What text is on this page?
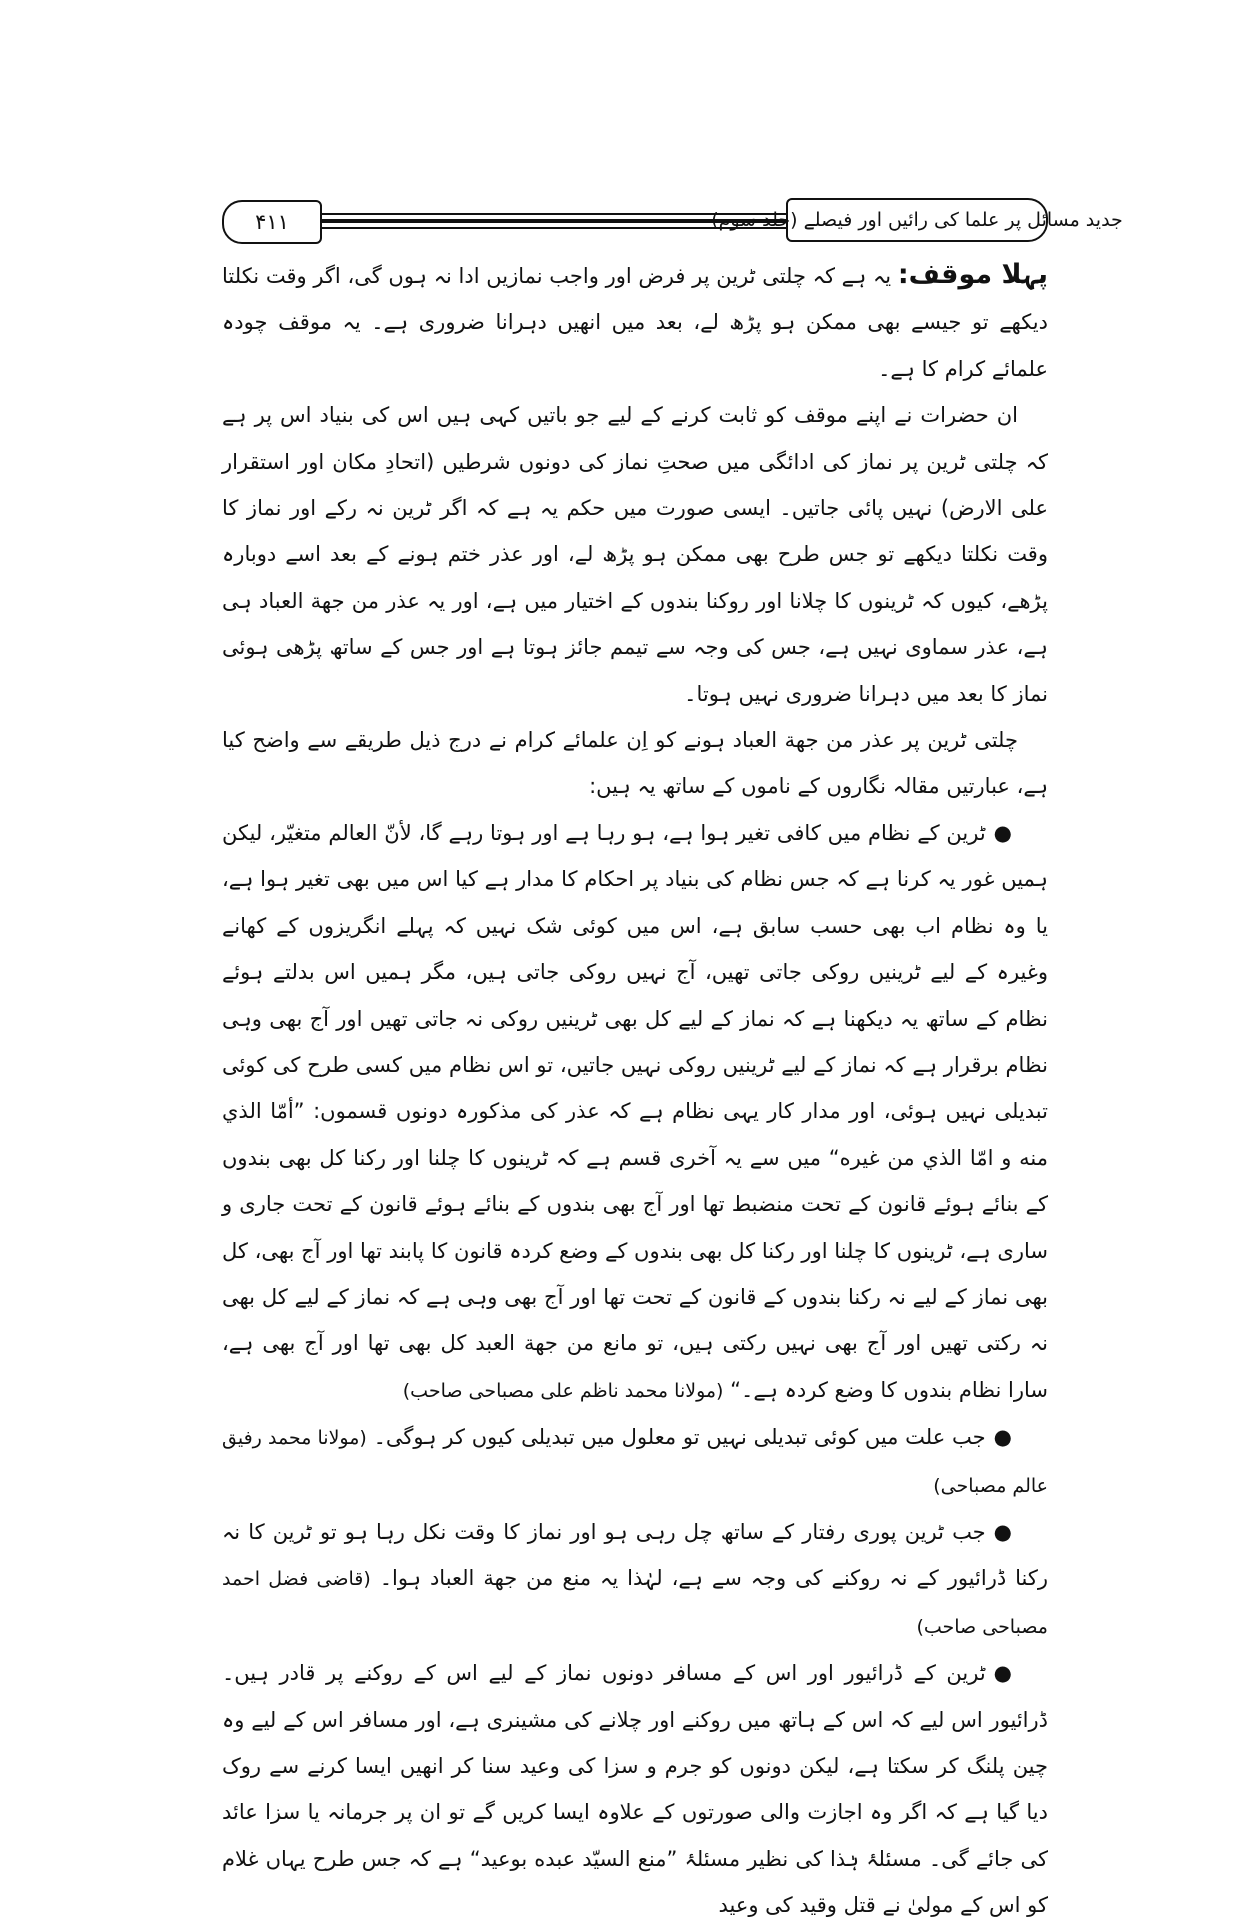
۴۱۱	جدید مسائل پر علما کی رائیں اور فیصلے (جلد سوم)

پہلا موقف: یہ ہے کہ چلتی ٹرین پر فرض اور واجب نمازیں ادا نہ ہوں گی، اگر وقت نکلتا دیکھے تو جیسے بھی ممکن ہو پڑھ لے، بعد میں انھیں دہرانا ضروری ہے۔ یہ موقف چودہ علمائے کرام کا ہے۔

ان حضرات نے اپنے موقف کو ثابت کرنے کے لیے جو باتیں کہی ہیں اس کی بنیاد اس پر ہے کہ چلتی ٹرین پر نماز کی ادائگی میں صحتِ نماز کی دونوں شرطیں (اتحادِ مکان اور استقرار علی الارض) نہیں پائی جاتیں۔ ایسی صورت میں حکم یہ ہے کہ اگر ٹرین نہ رکے اور نماز کا وقت نکلتا دیکھے تو جس طرح بھی ممکن ہو پڑھ لے، اور عذر ختم ہونے کے بعد اسے دوبارہ پڑھے، کیوں کہ ٹرینوں کا چلانا اور روکنا بندوں کے اختیار میں ہے، اور یہ عذر من جهة العباد ہی ہے، عذر سماوی نہیں ہے، جس کی وجہ سے تیمم جائز ہوتا ہے اور جس کے ساتھ پڑھی ہوئی نماز کا بعد میں دہرانا ضروری نہیں ہوتا۔

چلتی ٹرین پر عذر من جهة العباد ہونے کو اِن علمائے کرام نے درج ذیل طریقے سے واضح کیا ہے، عبارتیں مقالہ نگاروں کے ناموں کے ساتھ یہ ہیں:

●ٹرین کے نظام میں کافی تغیر ہوا ہے، ہو رہا ہے اور ہوتا رہے گا، لأنّ العالم متغيّر، لیکن ہمیں غور یہ کرنا ہے کہ جس نظام کی بنیاد پر احکام کا مدار ہے کیا اس میں بھی تغیر ہوا ہے، یا وہ نظام اب بھی حسب سابق ہے، اس میں کوئی شک نہیں کہ پہلے انگریزوں کے کھانے وغیرہ کے لیے ٹرینیں روکی جاتی تھیں، آج نہیں روکی جاتی ہیں، مگر ہمیں اس بدلتے ہوئے نظام کے ساتھ یہ دیکھنا ہے کہ نماز کے لیے کل بھی ٹرینیں روکی نہ جاتی تھیں اور آج بھی وہی نظام برقرار ہے کہ نماز کے لیے ٹرینیں روکی نہیں جاتیں، تو اس نظام میں کسی طرح کی کوئی تبدیلی نہیں ہوئی، اور مدار کار یہی نظام ہے کہ عذر کی مذکورہ دونوں قسموں: ”أمّا الذي منه و امّا الذي من غيره“ میں سے یہ آخری قسم ہے کہ ٹرینوں کا چلنا اور رکنا کل بھی بندوں کے بنائے ہوئے قانون کے تحت منضبط تھا اور آج بھی بندوں کے بنائے ہوئے قانون کے تحت جاری و ساری ہے، ٹرینوں کا چلنا اور رکنا کل بھی بندوں کے وضع کردہ قانون کا پابند تھا اور آج بھی، کل بھی نماز کے لیے نہ رکنا بندوں کے قانون کے تحت تھا اور آج بھی وہی ہے کہ نماز کے لیے کل بھی نہ رکتی تھیں اور آج بھی نہیں رکتی ہیں، تو مانع من جهة العبد کل بھی تھا اور آج بھی ہے، سارا نظام بندوں کا وضع کردہ ہے۔“ (مولانا محمد ناظم علی مصباحی صاحب)

●جب علت میں کوئی تبدیلی نہیں تو معلول میں تبدیلی کیوں کر ہوگی۔ (مولانا محمد رفیق عالم مصباحی)

●جب ٹرین پوری رفتار کے ساتھ چل رہی ہو اور نماز کا وقت نکل رہا ہو تو ٹرین کا نہ رکنا ڈرائیور کے نہ روکنے کی وجہ سے ہے، لہٰذا یہ منع من جهة العباد ہوا۔ (قاضی فضل احمد مصباحی صاحب)

●ٹرین کے ڈرائیور اور اس کے مسافر دونوں نماز کے لیے اس کے روکنے پر قادر ہیں۔ ڈرائیور اس لیے کہ اس کے ہاتھ میں روکنے اور چلانے کی مشینری ہے، اور مسافر اس کے لیے وہ چین پلنگ کر سکتا ہے، لیکن دونوں کو جرم و سزا کی وعید سنا کر انھیں ایسا کرنے سے روک دیا گیا ہے کہ اگر وہ اجازت والی صورتوں کے علاوہ ایسا کریں گے تو ان پر جرمانہ یا سزا عائد کی جائے گی۔ مسئلۂ ہٰذا کی نظیر مسئلۂ ”منع السيّد عبده بوعيد“ ہے کہ جس طرح یہاں غلام کو اس کے مولیٰ نے قتل وقید کی وعید
